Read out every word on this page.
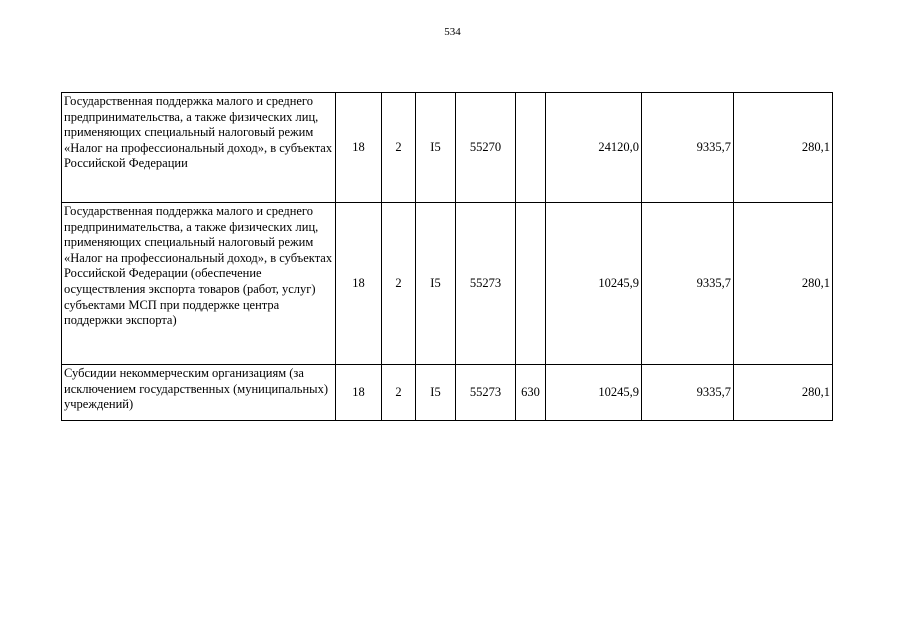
534
Государственная поддержка малого и среднего предпринимательства, а также физических лиц, применяющих специальный налоговый режим «Налог на профессиональный доход», в субъектах Российской Федерации	18	2	I5	55270		24120,0	9335,7	280,1
Государственная поддержка малого и среднего предпринимательства, а также физических лиц, применяющих специальный налоговый режим «Налог на профессиональный доход», в субъектах Российской Федерации (обеспечение осуществления экспорта товаров (работ, услуг) субъектами МСП при поддержке центра поддержки экспорта)	18	2	I5	55273		10245,9	9335,7	280,1
Субсидии некоммерческим организациям (за исключением государственных (муниципальных) учреждений)	18	2	I5	55273	630	10245,9	9335,7	280,1
